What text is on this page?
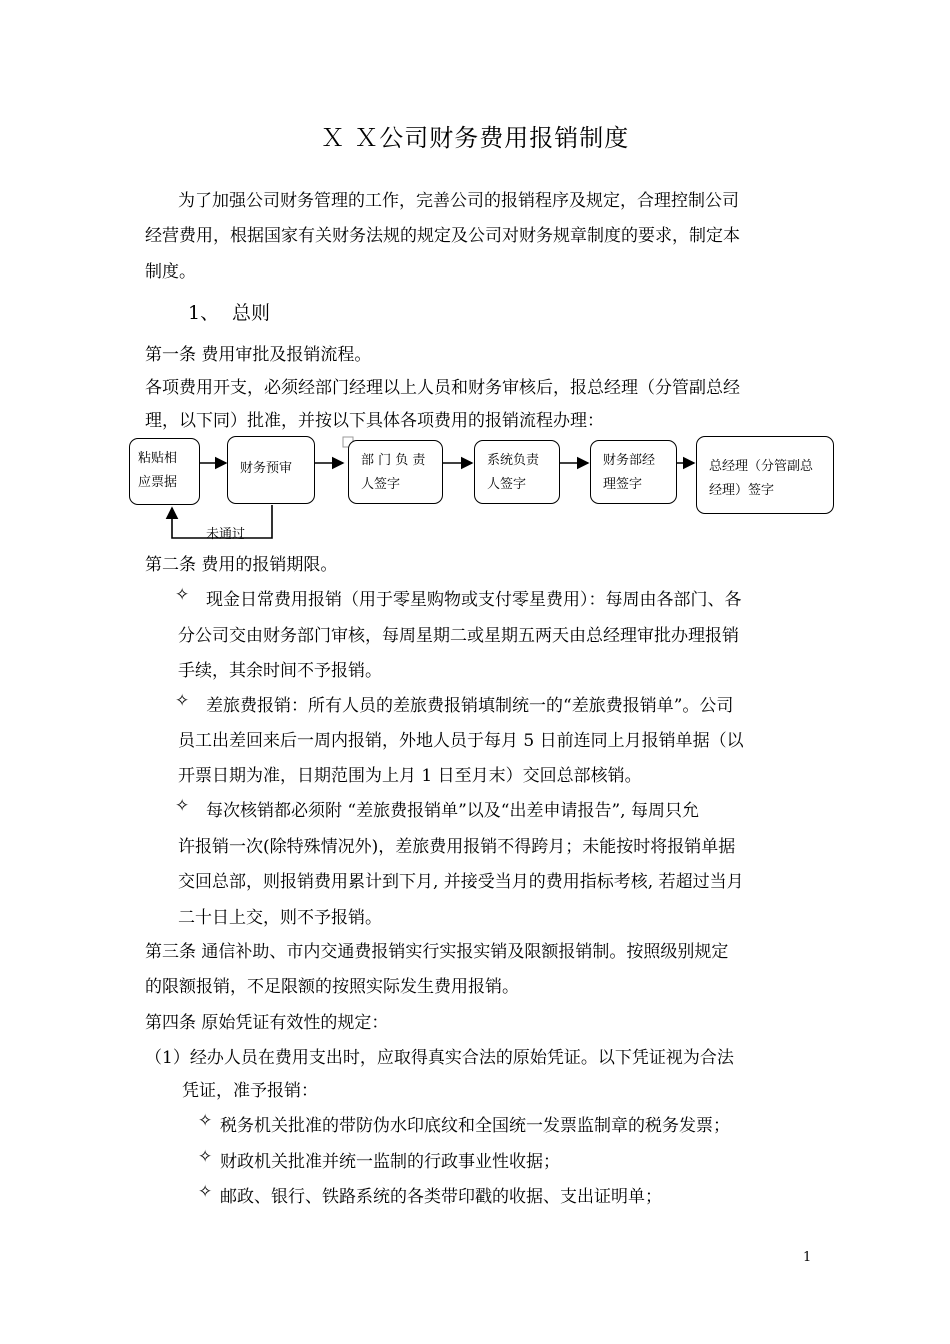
Ｘ Ｘ公司财务费用报销制度
为了加强公司财务管理的工作，完善公司的报销程序及规定，合理控制公司
经营费用，根据国家有关财务法规的规定及公司对财务规章制度的要求，制定本
制度。
1、 总则
第一条 费用审批及报销流程。
各项费用开支，必须经部门经理以上人员和财务审核后，报总经理（分管副总经
理，以下同）批准，并按以下具体各项费用的报销流程办理：
粘贴相
应票据
财务预审
部 门 负 责
人签字
系统负责
人签字
财务部经
理签字
总经理（分管副总
经理）签字
未通过
第二条 费用的报销期限。
✧ 现金日常费用报销（用于零星购物或支付零星费用）：每周由各部门、各
分公司交由财务部门审核，每周星期二或星期五两天由总经理审批办理报销
手续，其余时间不予报销。
✧ 差旅费报销：所有人员的差旅费报销填制统一的“差旅费报销单”。公司
员工出差回来后一周内报销，外地人员于每月 5 日前连同上月报销单据（以
开票日期为准，日期范围为上月 1 日至月末）交回总部核销。
✧ 每次核销都必须附 “差旅费报销单”以及“出差申请报告”, 每周只允
许报销一次(除特殊情况外)，差旅费用报销不得跨月；未能按时将报销单据
交回总部，则报销费用累计到下月, 并接受当月的费用指标考核, 若超过当月
二十日上交，则不予报销。
第三条 通信补助、市内交通费报销实行实报实销及限额报销制。按照级别规定
的限额报销，不足限额的按照实际发生费用报销。
第四条 原始凭证有效性的规定：
（1）经办人员在费用支出时，应取得真实合法的原始凭证。以下凭证视为合法
凭证，准予报销：
✧ 税务机关批准的带防伪水印底纹和全国统一发票监制章的税务发票；
✧ 财政机关批准并统一监制的行政事业性收据；
✧ 邮政、银行、铁路系统的各类带印戳的收据、支出证明单；
1
